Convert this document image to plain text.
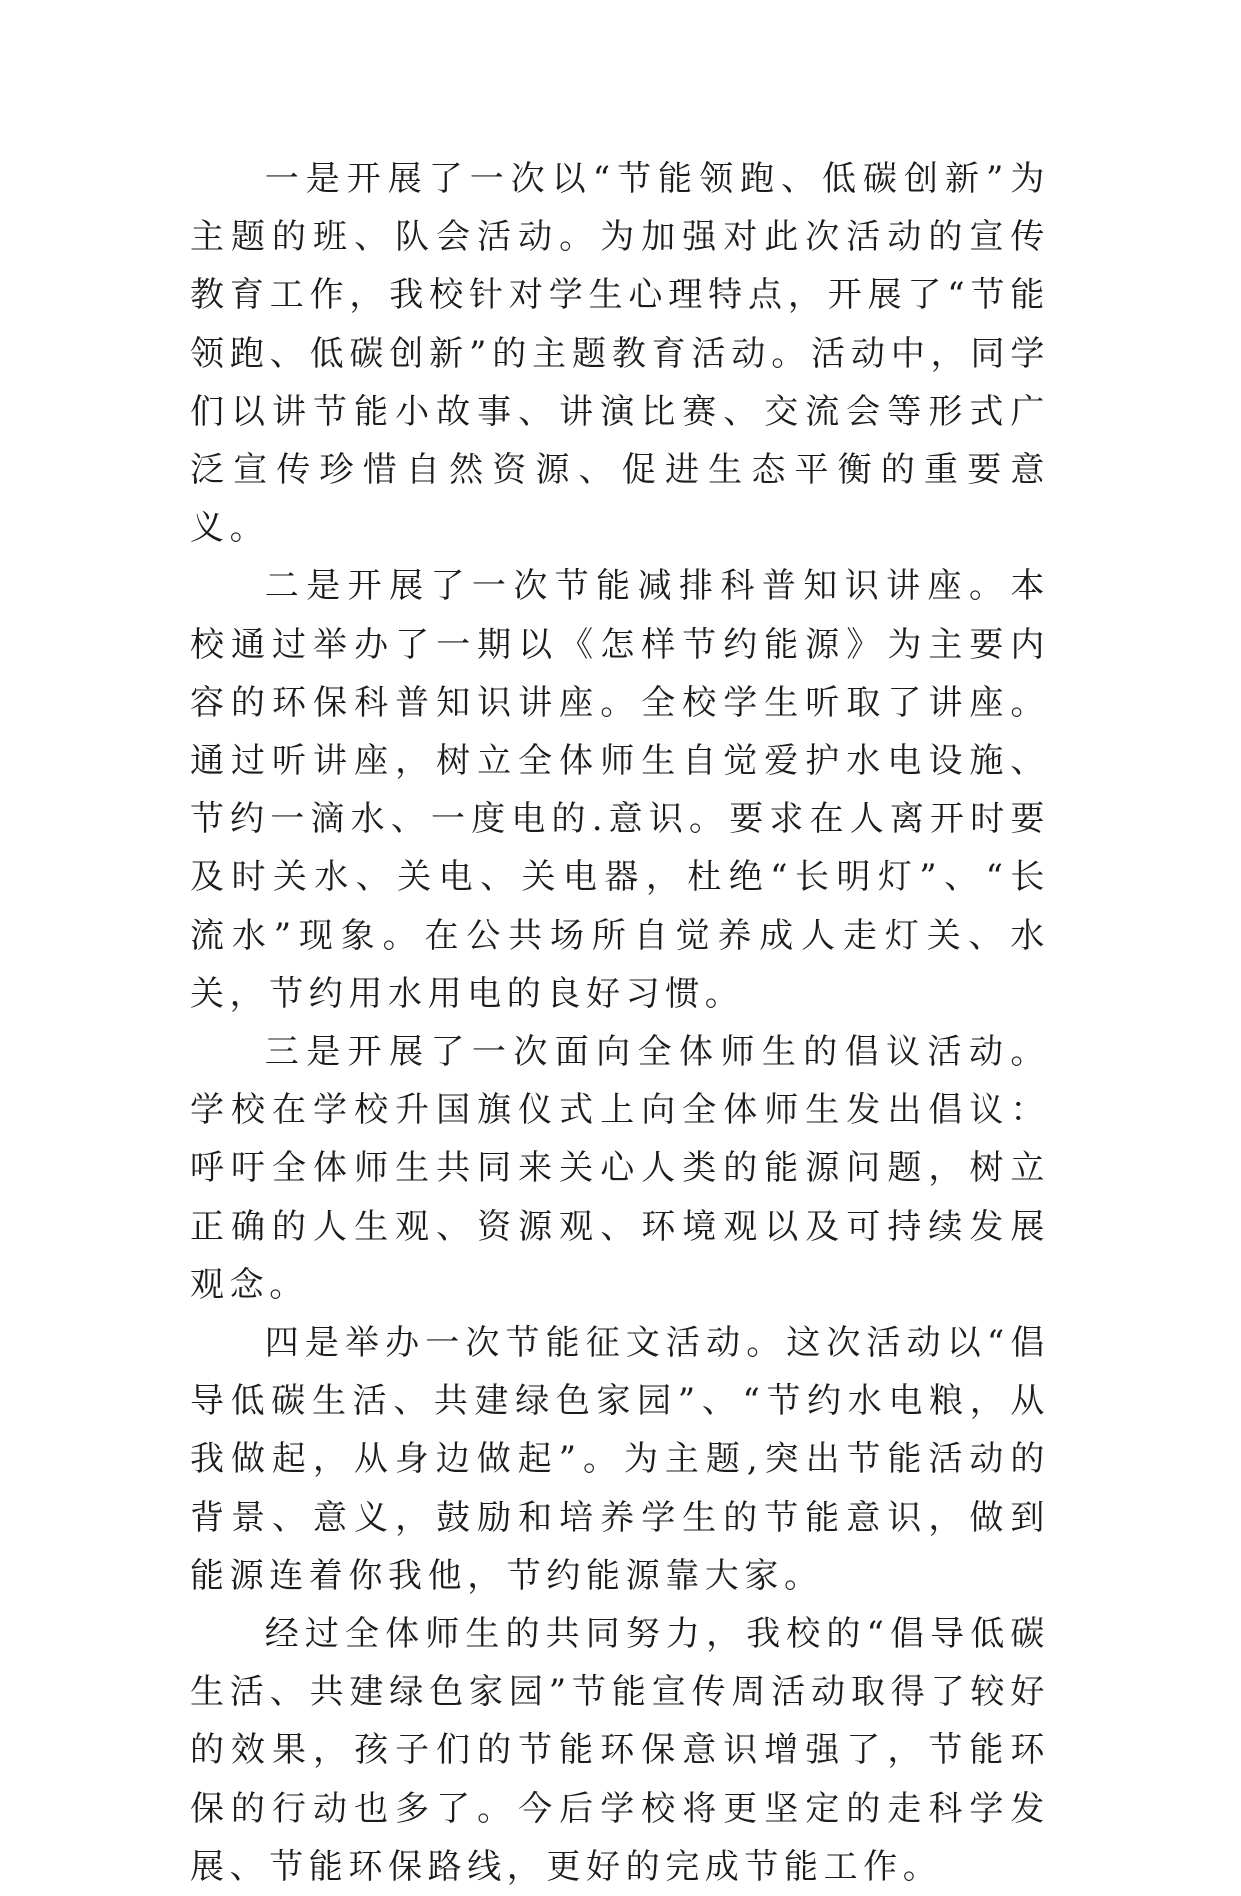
一是开展了一次以“节能领跑、低碳创新”为主题的班、队会活动。为加强对此次活动的宣传教育工作，我校针对学生心理特点，开展了“节能领跑、低碳创新”的主题教育活动。活动中，同学们以讲节能小故事、讲演比赛、交流会等形式广泛宣传珍惜自然资源、促进生态平衡的重要意义。

二是开展了一次节能减排科普知识讲座。本校通过举办了一期以《怎样节约能源》为主要内容的环保科普知识讲座。全校学生听取了讲座。通过听讲座，树立全体师生自觉爱护水电设施、节约一滴水、一度电的.意识。要求在人离开时要及时关水、关电、关电器，杜绝“长明灯”、“长流水”现象。在公共场所自觉养成人走灯关、水关，节约用水用电的良好习惯。

三是开展了一次面向全体师生的倡议活动。学校在学校升国旗仪式上向全体师生发出倡议：呼吁全体师生共同来关心人类的能源问题，树立正确的人生观、资源观、环境观以及可持续发展观念。

四是举办一次节能征文活动。这次活动以“倡导低碳生活、共建绿色家园”、“节约水电粮，从我做起，从身边做起”。为主题,突出节能活动的背景、意义，鼓励和培养学生的节能意识，做到能源连着你我他，节约能源靠大家。

经过全体师生的共同努力，我校的“倡导低碳生活、共建绿色家园”节能宣传周活动取得了较好的效果，孩子们的节能环保意识增强了，节能环保的行动也多了。今后学校将更坚定的走科学发展、节能环保路线，更好的完成节能工作。
